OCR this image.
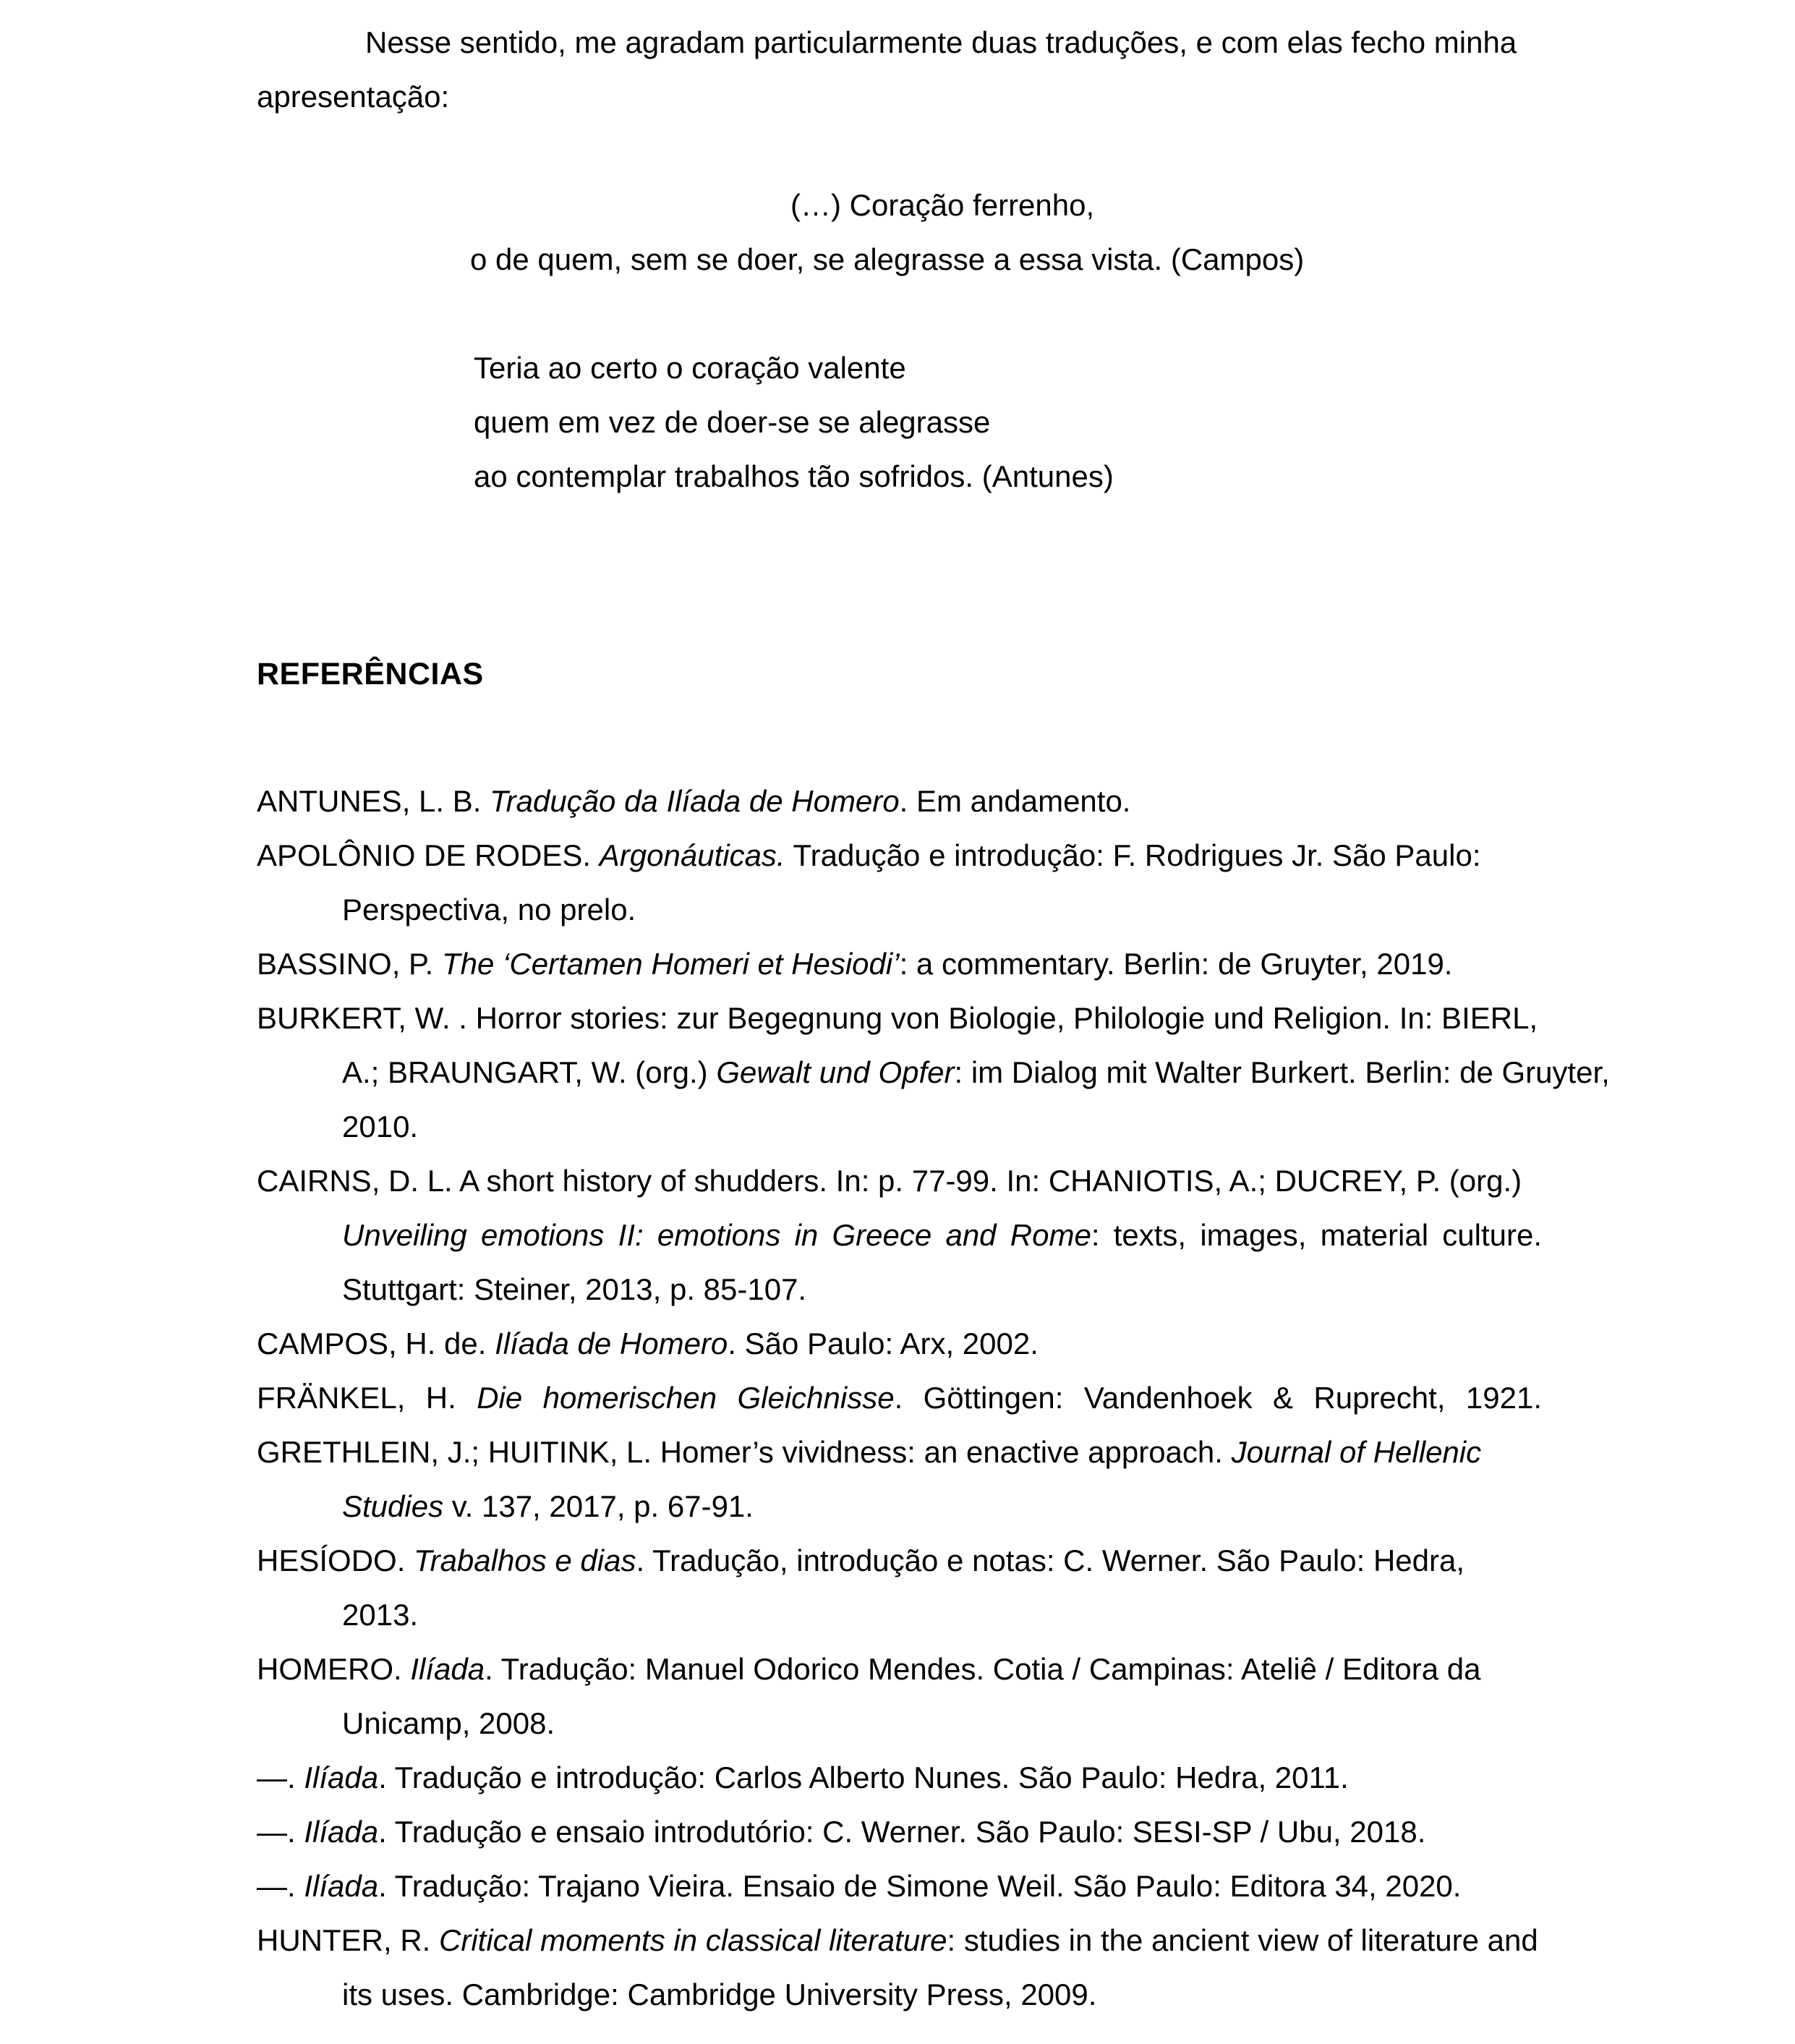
Nesse sentido, me agradam particularmente duas traduções, e com elas fecho minha
apresentação:
(…) Coração ferrenho,
o de quem, sem se doer, se alegrasse a essa vista. (Campos)
Teria ao certo o coração valente
quem em vez de doer-se se alegrasse
ao contemplar trabalhos tão sofridos. (Antunes)
REFERÊNCIAS
ANTUNES, L. B. Tradução da Ilíada de Homero. Em andamento.
APOLÔNIO DE RODES. Argonáuticas. Tradução e introdução: F. Rodrigues Jr. São Paulo:
Perspectiva, no prelo.
BASSINO, P. The ‘Certamen Homeri et Hesiodi’: a commentary. Berlin: de Gruyter, 2019.
BURKERT, W. . Horror stories: zur Begegnung von Biologie, Philologie und Religion. In: BIERL,
A.; BRAUNGART, W. (org.) Gewalt und Opfer: im Dialog mit Walter Burkert. Berlin: de Gruyter,
2010.
CAIRNS, D. L. A short history of shudders. In: p. 77-99. In: CHANIOTIS, A.; DUCREY, P. (org.)
Unveiling emotions II: emotions in Greece and Rome: texts, images, material culture.
Stuttgart: Steiner, 2013, p. 85-107.
CAMPOS, H. de. Ilíada de Homero. São Paulo: Arx, 2002.
FRÄNKEL, H. Die homerischen Gleichnisse. Göttingen: Vandenhoek & Ruprecht, 1921.
GRETHLEIN, J.; HUITINK, L. Homer’s vividness: an enactive approach. Journal of Hellenic
Studies v. 137, 2017, p. 67-91.
HESÍODO. Trabalhos e dias. Tradução, introdução e notas: C. Werner. São Paulo: Hedra,
2013.
HOMERO. Ilíada. Tradução: Manuel Odorico Mendes. Cotia / Campinas: Ateliê / Editora da
Unicamp, 2008.
—. Ilíada. Tradução e introdução: Carlos Alberto Nunes. São Paulo: Hedra, 2011.
—. Ilíada. Tradução e ensaio introdutório: C. Werner. São Paulo: SESI-SP / Ubu, 2018.
—. Ilíada. Tradução: Trajano Vieira. Ensaio de Simone Weil. São Paulo: Editora 34, 2020.
HUNTER, R. Critical moments in classical literature: studies in the ancient view of literature and
its uses. Cambridge: Cambridge University Press, 2009.
